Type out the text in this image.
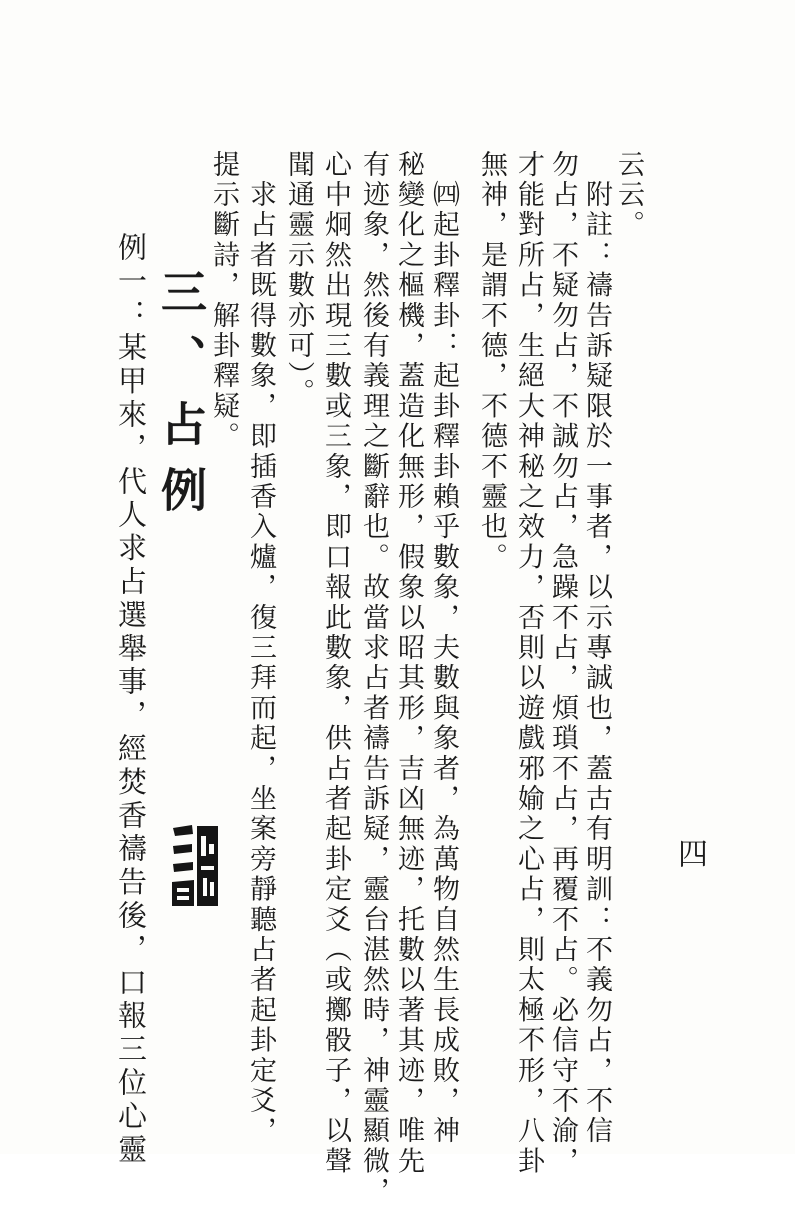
四
云云。
　附註：禱告訴疑限於一事者，以示專誠也，蓋古有明訓：不義勿占，不信
勿占，不疑勿占，不誠勿占，急躁不占，煩瑣不占，再覆不占。必信守不渝，
才能對所占，生絕大神秘之效力，否則以遊戲邪媮之心占，則太極不形，八卦
無神，是謂不德，不德不靈也。
　㈣起卦釋卦：起卦釋卦賴乎數象，夫數與象者，為萬物自然生長成敗，神
秘變化之樞機，蓋造化無形，假象以昭其形，吉凶無迹，托數以著其迹，唯先
有迹象，然後有義理之斷辭也。故當求占者禱告訴疑，靈台湛然時，神靈顯微，
心中炯然出現三數或三象，即口報此數象，供占者起卦定爻（或擲骰子，以聲
聞通靈示數亦可）。
　求占者既得數象，即插香入爐，復三拜而起，坐案旁靜聽占者起卦定爻，
提示斷詩，解卦釋疑。
三、占例
例一：某甲來，代人求占選舉事，經焚香禱告後，口報三位心靈
